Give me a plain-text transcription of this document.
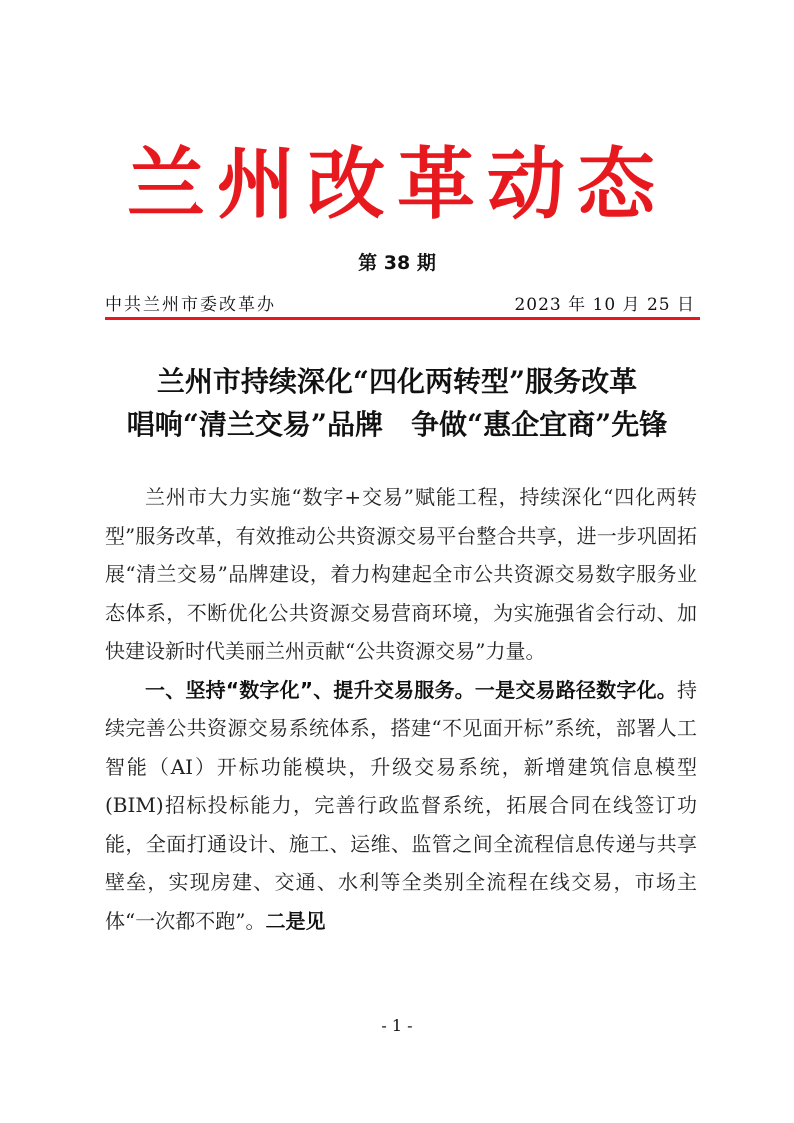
兰州改革动态
第 38 期
中共兰州市委改革办	2023 年 10 月 25 日
兰州市持续深化“四化两转型”服务改革
唱响“清兰交易”品牌　争做“惠企宜商”先锋

兰州市大力实施“数字+交易”赋能工程，持续深化“四化两转型”服务改革，有效推动公共资源交易平台整合共享，进一步巩固拓展“清兰交易”品牌建设，着力构建起全市公共资源交易数字服务业态体系，不断优化公共资源交易营商环境，为实施强省会行动、加快建设新时代美丽兰州贡献“公共资源交易”力量。

一、坚持“数字化”、提升交易服务。一是交易路径数字化。持续完善公共资源交易系统体系，搭建“不见面开标”系统，部署人工智能（AI）开标功能模块，升级交易系统，新增建筑信息模型(BIM)招标投标能力，完善行政监督系统，拓展合同在线签订功能，全面打通设计、施工、运维、监管之间全流程信息传递与共享壁垒，实现房建、交通、水利等全类别全流程在线交易，市场主体“一次都不跑”。二是见

- 1 -
